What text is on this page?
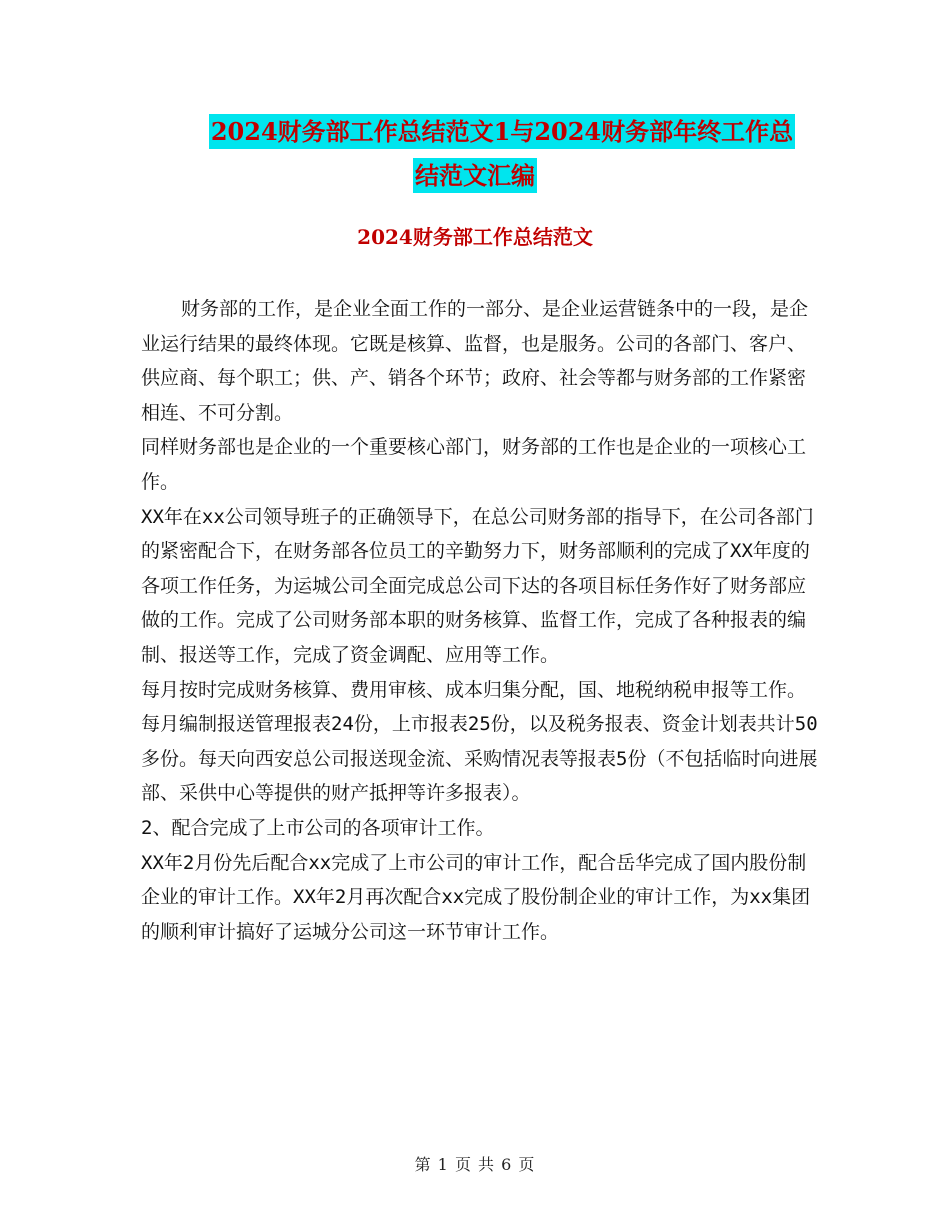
2024财务部工作总结范文1与2024财务部年终工作总
结范文汇编
2024财务部工作总结范文

财务部的工作，是企业全面工作的一部分、是企业运营链条中的一段，是企业运行结果的最终体现。它既是核算、监督，也是服务。公司的各部门、客户、供应商、每个职工；供、产、销各个环节；政府、社会等都与财务部的工作紧密相连、不可分割。

同样财务部也是企业的一个重要核心部门，财务部的工作也是企业的一项核心工作。

XX年在xx公司领导班子的正确领导下，在总公司财务部的指导下，在公司各部门的紧密配合下，在财务部各位员工的辛勤努力下，财务部顺利的完成了XX年度的各项工作任务，为运城公司全面完成总公司下达的各项目标任务作好了财务部应做的工作。完成了公司财务部本职的财务核算、监督工作，完成了各种报表的编制、报送等工作，完成了资金调配、应用等工作。

每月按时完成财务核算、费用审核、成本归集分配，国、地税纳税申报等工作。每月编制报送管理报表24份，上市报表25份，以及税务报表、资金计划表共计50多份。每天向西安总公司报送现金流、采购情况表等报表5份（不包括临时向进展部、采供中心等提供的财产抵押等许多报表）。

2、配合完成了上市公司的各项审计工作。

XX年2月份先后配合xx完成了上市公司的审计工作，配合岳华完成了国内股份制企业的审计工作。XX年2月再次配合xx完成了股份制企业的审计工作，为xx集团的顺利审计搞好了运城分公司这一环节审计工作。

第 1 页 共 6 页
